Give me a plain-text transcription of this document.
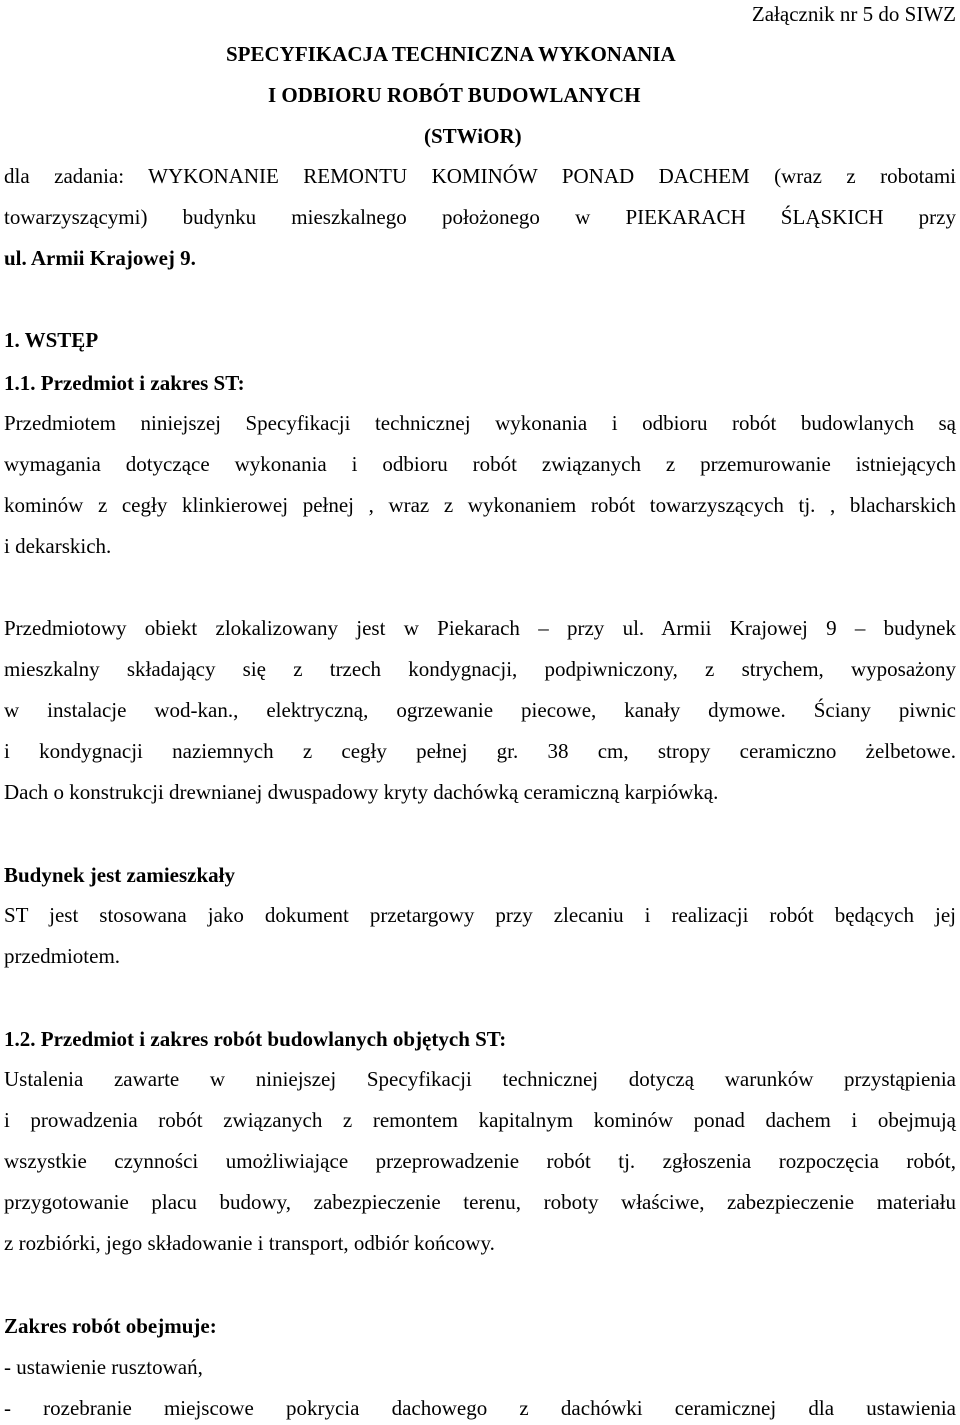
Załącznik nr 5 do SIWZ
SPECYFIKACJA TECHNICZNA WYKONANIA
I ODBIORU ROBÓT BUDOWLANYCH
(STWiOR)
dla zadania: WYKONANIE REMONTU KOMINÓW PONAD DACHEM (wraz z robotami
towarzyszącymi) budynku mieszkalnego położonego w PIEKARACH ŚLĄSKICH przy
ul. Armii Krajowej 9.
1. WSTĘP
1.1. Przedmiot i zakres ST:
Przedmiotem niniejszej Specyfikacji technicznej wykonania i odbioru robót budowlanych są
wymagania dotyczące wykonania i odbioru robót związanych z przemurowanie istniejących
kominów z cegły klinkierowej pełnej , wraz z wykonaniem robót towarzyszących tj. , blacharskich
i dekarskich.
Przedmiotowy obiekt zlokalizowany jest w Piekarach – przy ul. Armii Krajowej 9 – budynek
mieszkalny składający się z trzech kondygnacji, podpiwniczony, z strychem, wyposażony
w instalacje wod-kan., elektryczną, ogrzewanie piecowe, kanały dymowe. Ściany piwnic
i kondygnacji naziemnych z cegły pełnej gr. 38 cm, stropy ceramiczno żelbetowe.
Dach o konstrukcji drewnianej dwuspadowy kryty dachówką ceramiczną karpiówką.
Budynek jest zamieszkały
ST jest stosowana jako dokument przetargowy przy zlecaniu i realizacji robót będących jej
przedmiotem.
1.2. Przedmiot i zakres robót budowlanych objętych ST:
Ustalenia zawarte w niniejszej Specyfikacji technicznej dotyczą warunków przystąpienia
i prowadzenia robót związanych z remontem kapitalnym kominów ponad dachem i obejmują
wszystkie czynności umożliwiające przeprowadzenie robót tj. zgłoszenia rozpoczęcia robót,
przygotowanie placu budowy, zabezpieczenie terenu, roboty właściwe, zabezpieczenie materiału
z rozbiórki, jego składowanie i transport, odbiór końcowy.
Zakres robót obejmuje:
- ustawienie rusztowań,
- rozebranie miejscowe pokrycia dachowego z dachówki ceramicznej dla ustawienia
